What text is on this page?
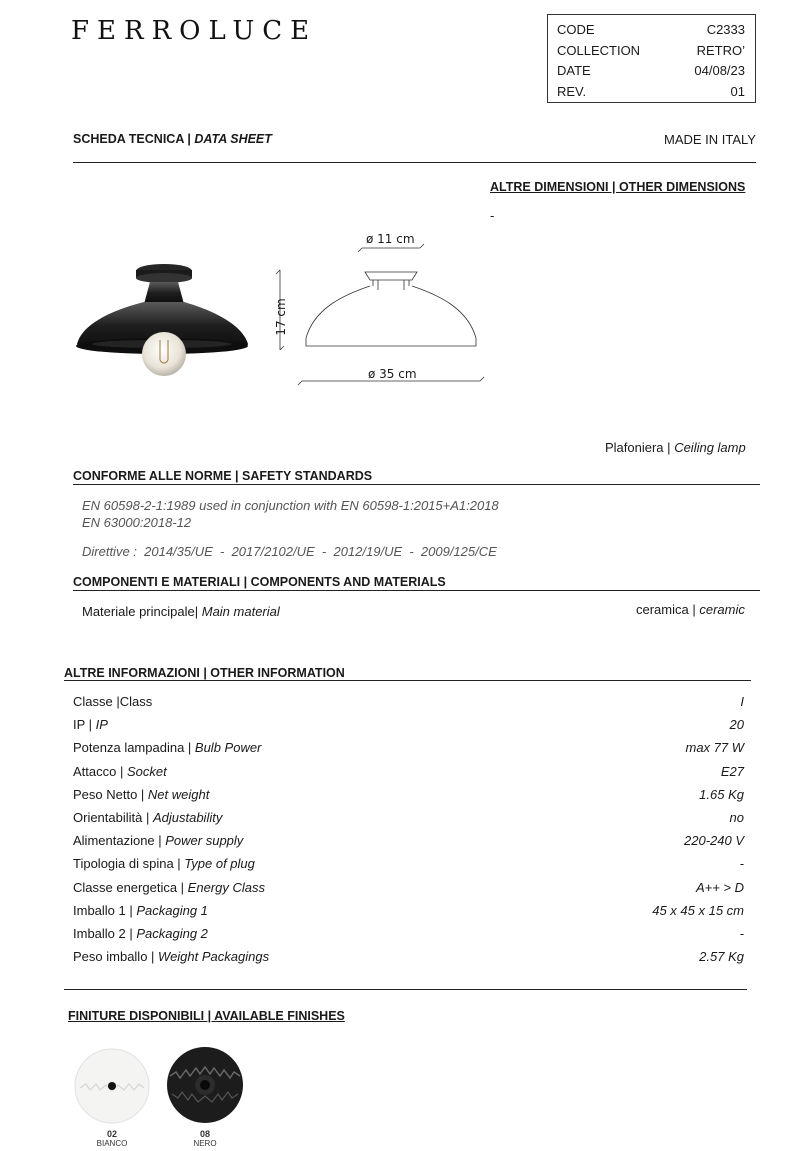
FERROLUCE	CODE	C2333
COLLECTION	RETRO’
DATE	04/08/23
REV.	01
SCHEDA TECNICA | DATA SHEET	MADE IN ITALY
ALTRE DIMENSIONI | OTHER DIMENSIONS
-
ø 11 cm
17 cm
ø 35 cm
Plafoniera | Ceiling lamp
CONFORME ALLE NORME | SAFETY STANDARDS
EN 60598-2-1:1989 used in conjunction with EN 60598-1:2015+A1:2018
EN 63000:2018-12
Direttive :  2014/35/UE  -  2017/2102/UE  -  2012/19/UE  -  2009/125/CE
COMPONENTI E MATERIALI | COMPONENTS AND MATERIALS
Materiale principale| Main material	ceramica | ceramic
ALTRE INFORMAZIONI | OTHER INFORMATION
Classe |Class	I
IP | IP	20
Potenza lampadina | Bulb Power	max 77 W
Attacco | Socket	E27
Peso Netto | Net weight	1.65 Kg
Orientabilità | Adjustability	no
Alimentazione | Power supply	220-240 V
Tipologia di spina | Type of plug	-
Classe energetica | Energy Class	A++ > D
Imballo 1 | Packaging 1	45 x 45 x 15 cm
Imballo 2 | Packaging 2	-
Peso imballo | Weight Packagings	2.57 Kg
FINITURE DISPONIBILI | AVAILABLE FINISHES
02
BIANCO
08
NERO
